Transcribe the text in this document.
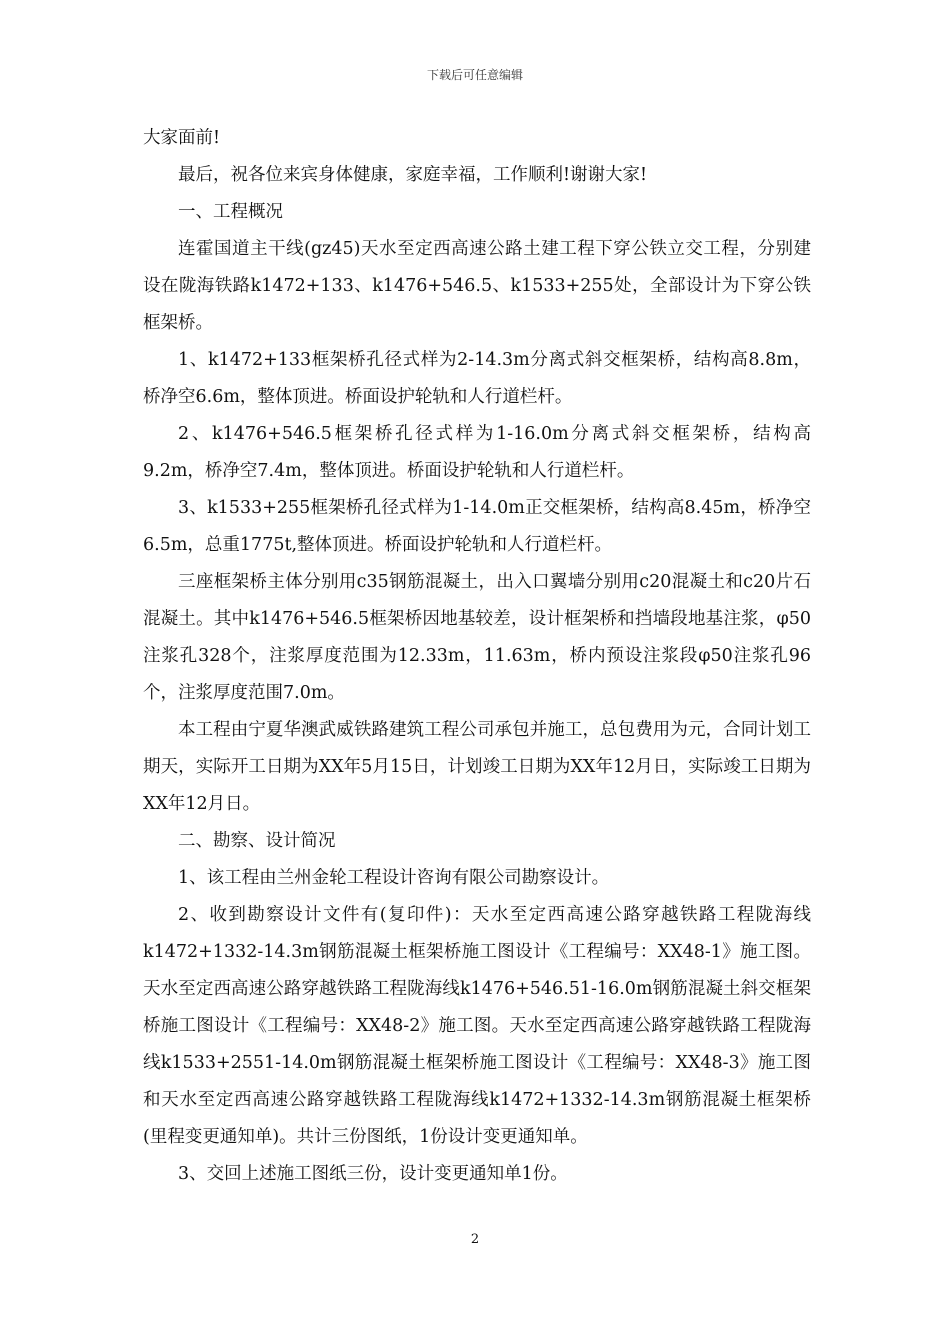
下载后可任意编辑

大家面前!

最后，祝各位来宾身体健康，家庭幸福，工作顺利!谢谢大家!

一、工程概况

连霍国道主干线(gz45)天水至定西高速公路土建工程下穿公铁立交工程，分别建设在陇海铁路k1472+133、k1476+546.5、k1533+255处，全部设计为下穿公铁框架桥。

1、k1472+133框架桥孔径式样为2-14.3m分离式斜交框架桥，结构高8.8m，桥净空6.6m，整体顶进。桥面设护轮轨和人行道栏杆。

2、k1476+546.5框架桥孔径式样为1-16.0m分离式斜交框架桥，结构高9.2m，桥净空7.4m，整体顶进。桥面设护轮轨和人行道栏杆。

3、k1533+255框架桥孔径式样为1-14.0m正交框架桥，结构高8.45m，桥净空6.5m，总重1775t,整体顶进。桥面设护轮轨和人行道栏杆。

三座框架桥主体分别用c35钢筋混凝土，出入口翼墙分别用c20混凝土和c20片石混凝土。其中k1476+546.5框架桥因地基较差，设计框架桥和挡墙段地基注浆，φ50注浆孔328个，注浆厚度范围为12.33m，11.63m，桥内预设注浆段φ50注浆孔96个，注浆厚度范围7.0m。

本工程由宁夏华澳武威铁路建筑工程公司承包并施工，总包费用为元，合同计划工期天，实际开工日期为XX年5月15日，计划竣工日期为XX年12月日，实际竣工日期为XX年12月日。

二、勘察、设计简况

1、该工程由兰州金轮工程设计咨询有限公司勘察设计。

2、收到勘察设计文件有(复印件)：天水至定西高速公路穿越铁路工程陇海线k1472+1332-14.3m钢筋混凝土框架桥施工图设计《工程编号：XX48-1》施工图。天水至定西高速公路穿越铁路工程陇海线k1476+546.51-16.0m钢筋混凝土斜交框架桥施工图设计《工程编号：XX48-2》施工图。天水至定西高速公路穿越铁路工程陇海线k1533+2551-14.0m钢筋混凝土框架桥施工图设计《工程编号：XX48-3》施工图和天水至定西高速公路穿越铁路工程陇海线k1472+1332-14.3m钢筋混凝土框架桥(里程变更通知单)。共计三份图纸，1份设计变更通知单。

3、交回上述施工图纸三份，设计变更通知单1份。

2
